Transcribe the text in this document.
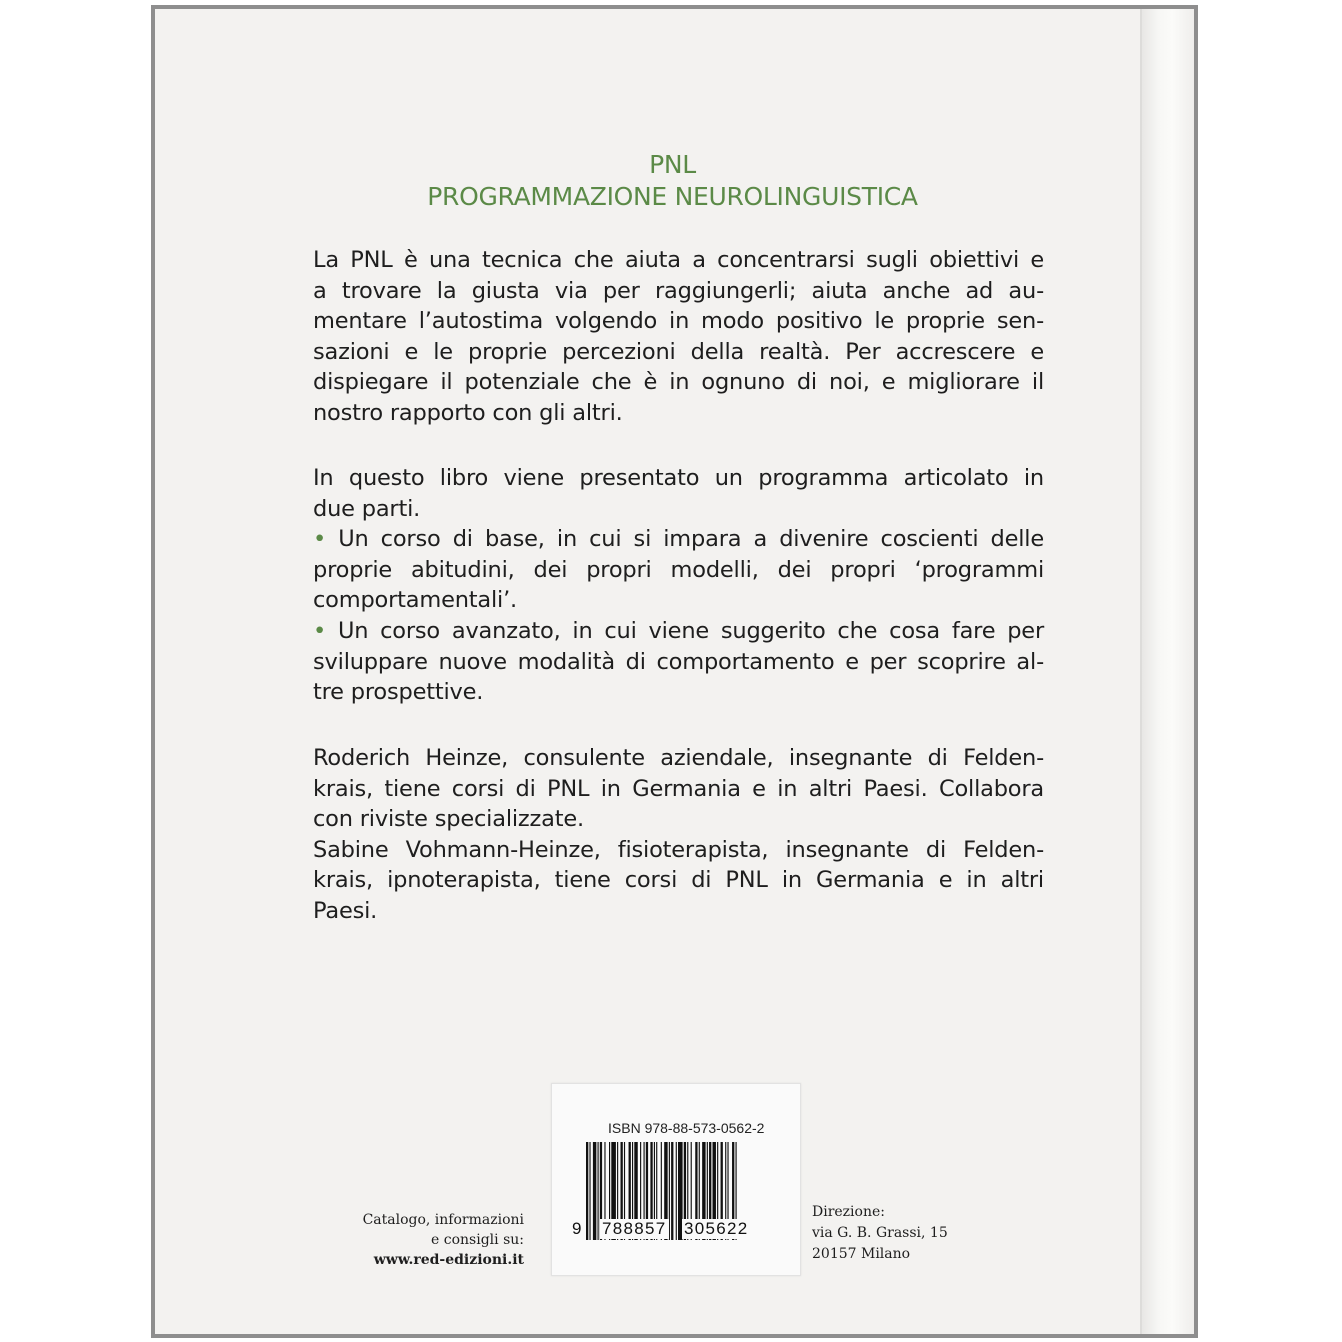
PNL
PROGRAMMAZIONE NEUROLINGUISTICA
La PNL è una tecnica che aiuta a concentrarsi sugli obiettivi e
a trovare la giusta via per raggiungerli; aiuta anche ad au-
mentare l’autostima volgendo in modo positivo le proprie sen-
sazioni e le proprie percezioni della realtà. Per accrescere e
dispiegare il potenziale che è in ognuno di noi, e migliorare il
nostro rapporto con gli altri.
In questo libro viene presentato un programma articolato in
due parti.
• Un corso di base, in cui si impara a divenire coscienti delle
proprie abitudini, dei propri modelli, dei propri ‘programmi
comportamentali’.
• Un corso avanzato, in cui viene suggerito che cosa fare per
sviluppare nuove modalità di comportamento e per scoprire al-
tre prospettive.
Roderich Heinze, consulente aziendale, insegnante di Felden-
krais, tiene corsi di PNL in Germania e in altri Paesi. Collabora
con riviste specializzate.
Sabine Vohmann-Heinze, fisioterapista, insegnante di Felden-
krais, ipnoterapista, tiene corsi di PNL in Germania e in altri
Paesi.
ISBN 978-88-573-0562-2
9 788857 305622
Catalogo, informazioni
e consigli su:
www.red-edizioni.it
Direzione:
via G. B. Grassi, 15
20157 Milano
